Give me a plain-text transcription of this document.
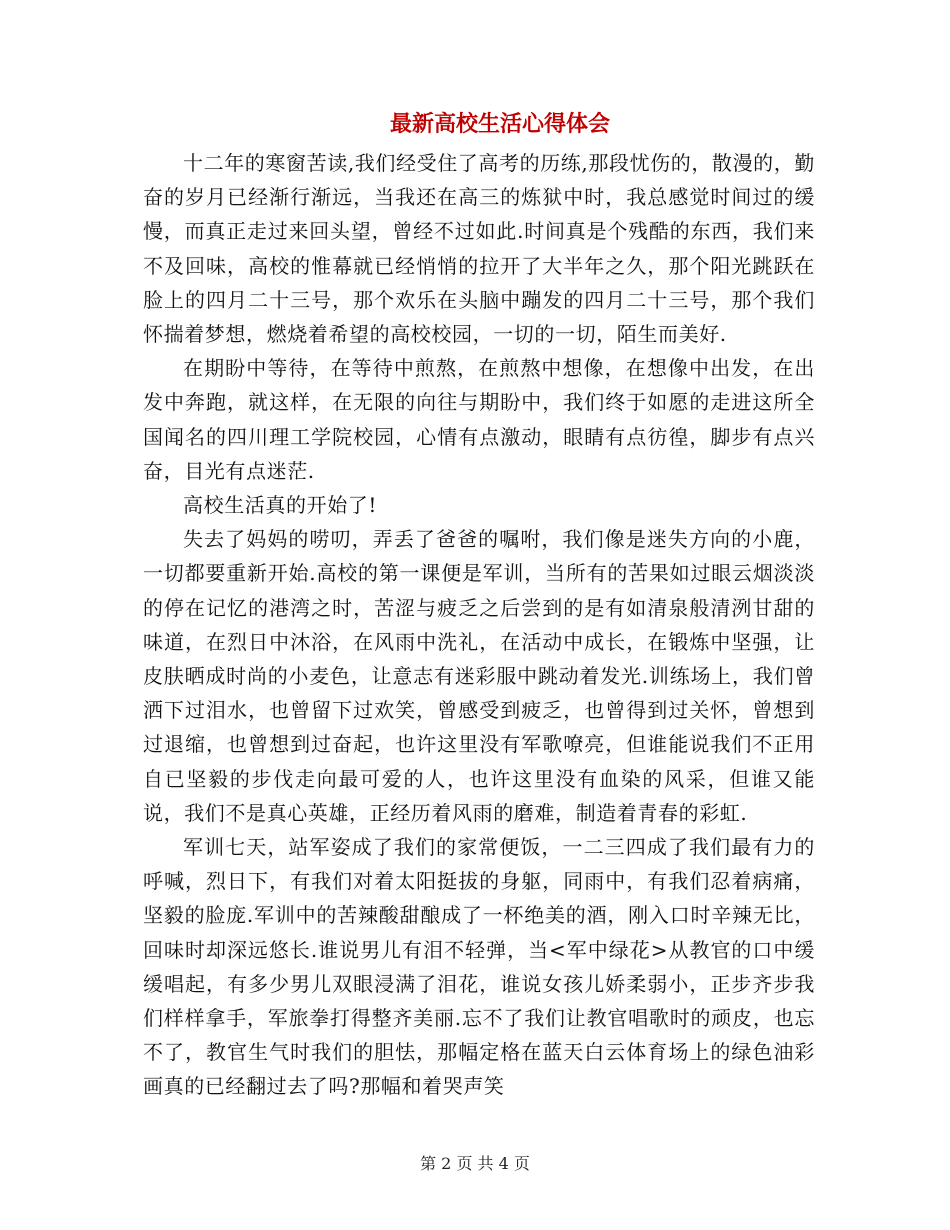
最新高校生活心得体会

十二年的寒窗苦读,我们经受住了高考的历练,那段忧伤的，散漫的，勤奋的岁月已经渐行渐远，当我还在高三的炼狱中时，我总感觉时间过的缓慢，而真正走过来回头望，曾经不过如此.时间真是个残酷的东西，我们来不及回味，高校的惟幕就已经悄悄的拉开了大半年之久，那个阳光跳跃在脸上的四月二十三号，那个欢乐在头脑中蹦发的四月二十三号，那个我们怀揣着梦想，燃烧着希望的高校校园，一切的一切，陌生而美好.

在期盼中等待，在等待中煎熬，在煎熬中想像，在想像中出发，在出发中奔跑，就这样，在无限的向往与期盼中，我们终于如愿的走进这所全国闻名的四川理工学院校园，心情有点激动，眼睛有点彷徨，脚步有点兴奋，目光有点迷茫.

高校生活真的开始了!

失去了妈妈的唠叨，弄丢了爸爸的嘱咐，我们像是迷失方向的小鹿，一切都要重新开始.高校的第一课便是军训，当所有的苦果如过眼云烟淡淡的停在记忆的港湾之时，苦涩与疲乏之后尝到的是有如清泉般清洌甘甜的味道，在烈日中沐浴，在风雨中洗礼，在活动中成长，在锻炼中坚强，让皮肤晒成时尚的小麦色，让意志有迷彩服中跳动着发光.训练场上，我们曾洒下过泪水，也曾留下过欢笑，曾感受到疲乏，也曾得到过关怀，曾想到过退缩，也曾想到过奋起，也许这里没有军歌嘹亮，但谁能说我们不正用自已坚毅的步伐走向最可爱的人，也许这里没有血染的风采，但谁又能说，我们不是真心英雄，正经历着风雨的磨难，制造着青春的彩虹.

军训七天，站军姿成了我们的家常便饭，一二三四成了我们最有力的呼喊，烈日下，有我们对着太阳挺拔的身躯，同雨中，有我们忍着病痛，坚毅的脸庞.军训中的苦辣酸甜酿成了一杯绝美的酒，刚入口时辛辣无比，回味时却深远悠长.谁说男儿有泪不轻弹，当<军中绿花>从教官的口中缓缓唱起，有多少男儿双眼浸满了泪花，谁说女孩儿娇柔弱小，正步齐步我们样样拿手，军旅拳打得整齐美丽.忘不了我们让教官唱歌时的顽皮，也忘不了，教官生气时我们的胆怯，那幅定格在蓝天白云体育场上的绿色油彩画真的已经翻过去了吗?那幅和着哭声笑

第 2 页 共 4 页
